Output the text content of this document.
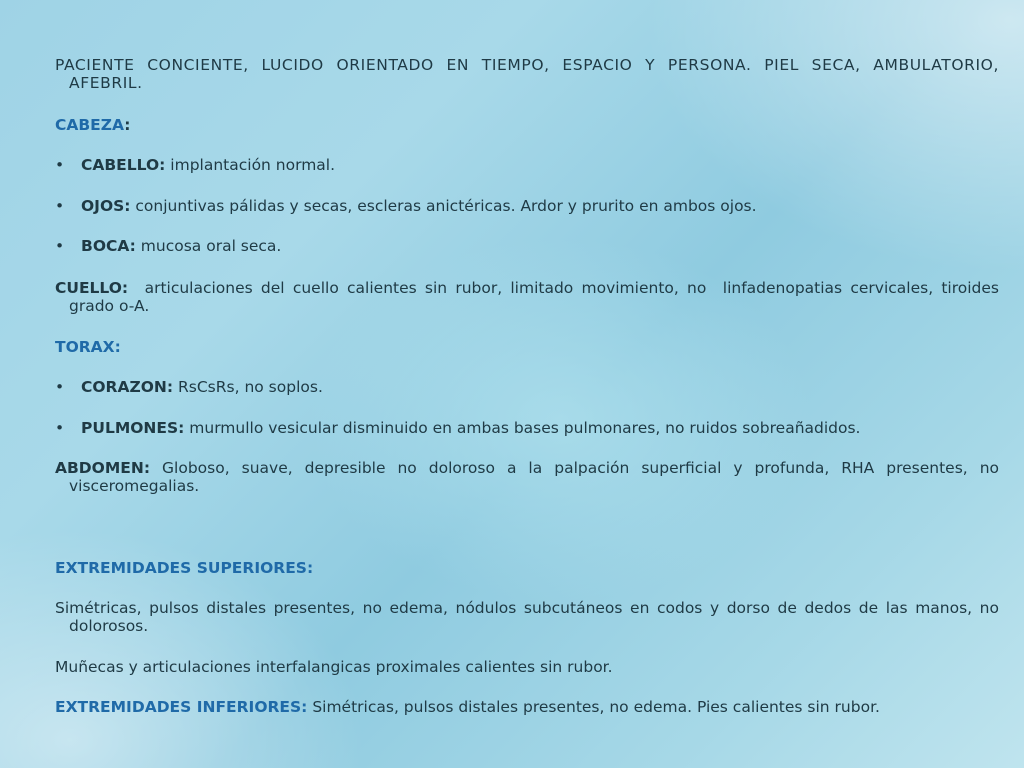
PACIENTE CONCIENTE, LUCIDO ORIENTADO EN TIEMPO, ESPACIO Y PERSONA. PIEL SECA, AMBULATORIO, AFEBRIL.

CABEZA:

• CABELLO: implantación normal.

• OJOS: conjuntivas pálidas y secas, escleras anictéricas. Ardor y prurito en ambos ojos.

• BOCA: mucosa oral seca.

CUELLO:  articulaciones del cuello calientes sin rubor, limitado movimiento, no  linfadenopatias cervicales, tiroides grado o-A.

TORAX:

• CORAZON: RsCsRs, no soplos.

• PULMONES: murmullo vesicular disminuido en ambas bases pulmonares, no ruidos sobreañadidos.

ABDOMEN: Globoso, suave, depresible no doloroso a la palpación superficial y profunda, RHA presentes, no visceromegalias.

EXTREMIDADES SUPERIORES:

Simétricas, pulsos distales presentes, no edema, nódulos subcutáneos en codos y dorso de dedos de las manos, no dolorosos.

Muñecas y articulaciones interfalangicas proximales calientes sin rubor.

EXTREMIDADES INFERIORES: Simétricas, pulsos distales presentes, no edema. Pies calientes sin rubor.
